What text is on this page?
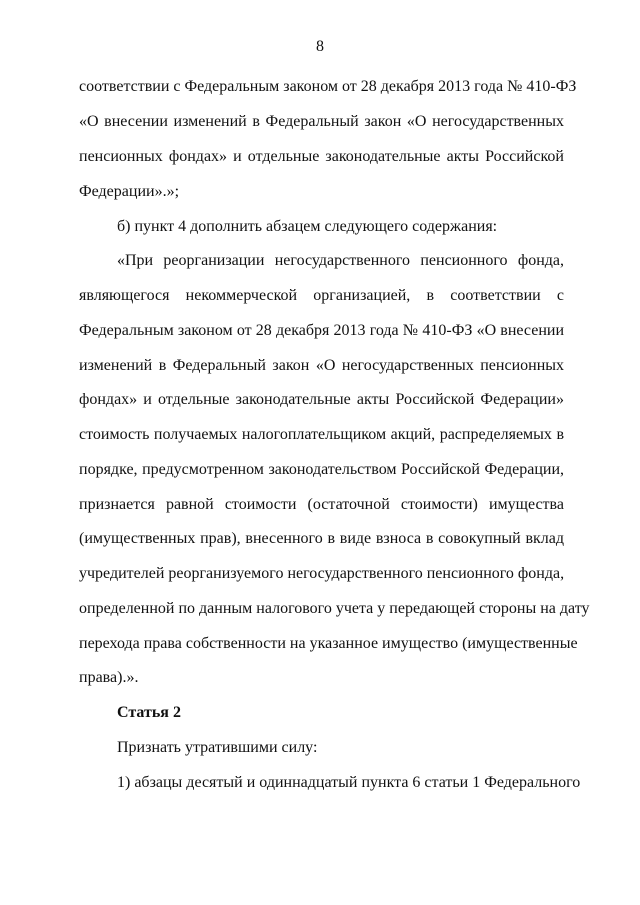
8
соответствии с Федеральным законом от 28 декабря 2013 года № 410-ФЗ
«О внесении изменений в Федеральный закон «О негосударственных
пенсионных фондах» и отдельные законодательные акты Российской
Федерации».»;
б) пункт 4 дополнить абзацем следующего содержания:
«При реорганизации негосударственного пенсионного фонда,
являющегося некоммерческой организацией, в соответствии с
Федеральным законом от 28 декабря 2013 года № 410-ФЗ «О внесении
изменений в Федеральный закон «О негосударственных пенсионных
фондах» и отдельные законодательные акты Российской Федерации»
стоимость получаемых налогоплательщиком акций, распределяемых в
порядке, предусмотренном законодательством Российской Федерации,
признается равной стоимости (остаточной стоимости) имущества
(имущественных прав), внесенного в виде взноса в совокупный вклад
учредителей реорганизуемого негосударственного пенсионного фонда,
определенной по данным налогового учета у передающей стороны на дату
перехода права собственности на указанное имущество (имущественные
права).».
Статья 2
Признать утратившими силу:
1) абзацы десятый и одиннадцатый пункта 6 статьи 1 Федерального
